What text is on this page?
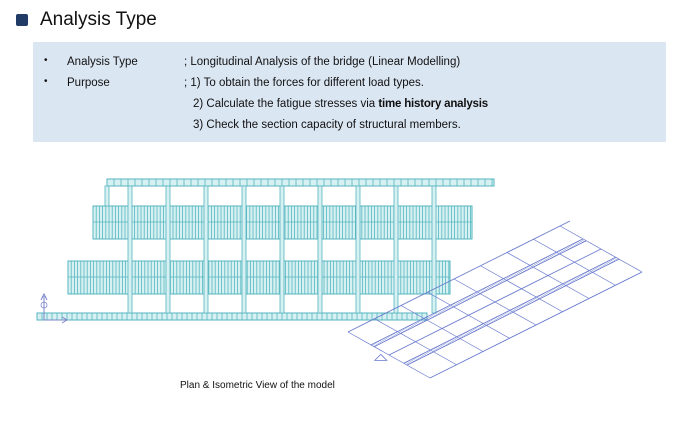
Analysis Type
• Analysis Type	; Longitudinal Analysis of the bridge (Linear Modelling)
• Purpose	; 1) To obtain the forces for different load types.
2) Calculate the fatigue stresses via time history analysis
3) Check the section capacity of structural members.
Plan & Isometric View of the model
